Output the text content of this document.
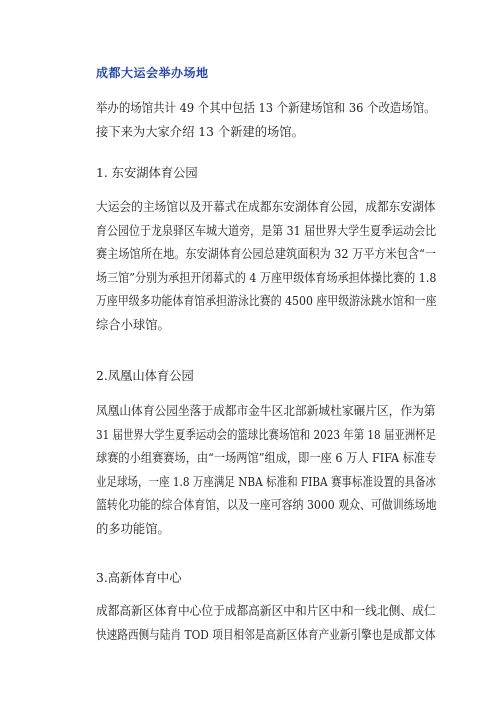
成都大运会举办场地
举办的场馆共计 49 个其中包括 13 个新建场馆和 36 个改造场馆。
接下来为大家介绍 13 个新建的场馆。
1. 东安湖体育公园
大运会的主场馆以及开幕式在成都东安湖体育公园，成都东安湖体
育公园位于龙泉驿区车城大道旁，是第 31 届世界大学生夏季运动会比
赛主场馆所在地。东安湖体育公园总建筑面积为 32 万平方米包含“一
场三馆”分别为承担开闭幕式的 4 万座甲级体育场承担体操比赛的 1.8
万座甲级多功能体育馆承担游泳比赛的 4500 座甲级游泳跳水馆和一座
综合小球馆。
2.凤凰山体育公园
凤凰山体育公园坐落于成都市金牛区北部新城杜家碾片区，作为第
31 届世界大学生夏季运动会的篮球比赛场馆和 2023 年第 18 届亚洲杯足
球赛的小组赛赛场，由“一场两馆”组成，即一座 6 万人 FIFA 标准专
业足球场，一座 1.8 万座满足 NBA 标准和 FIBA 赛事标准设置的具备冰
篮转化功能的综合体育馆，以及一座可容纳 3000 观众、可做训练场地
的多功能馆。
3.高新体育中心
成都高新区体育中心位于成都高新区中和片区中和一线北侧、成仁
快速路西侧与陆肖 TOD 项目相邻是高新区体育产业新引擎也是成都文体
